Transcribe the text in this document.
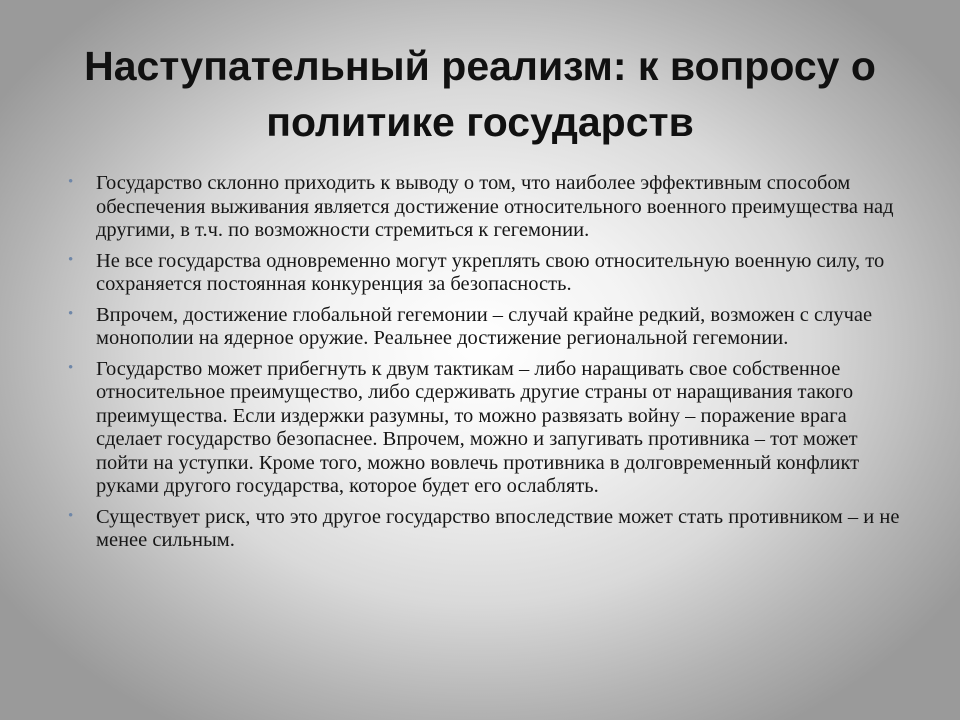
Наступательный реализм: к вопросу о политике государств
• Государство склонно приходить к выводу о том, что наиболее эффективным способом обеспечения выживания является достижение относительного военного преимущества над другими, в т.ч. по возможности стремиться к гегемонии.
• Не все государства одновременно могут укреплять свою относительную военную силу, то сохраняется постоянная конкуренция за безопасность.
• Впрочем, достижение глобальной гегемонии – случай крайне редкий, возможен с случае монополии на ядерное оружие. Реальнее достижение региональной гегемонии.
• Государство может прибегнуть к двум тактикам – либо наращивать свое собственное относительное преимущество, либо сдерживать другие страны от наращивания такого преимущества. Если издержки разумны, то можно развязать войну – поражение врага сделает государство безопаснее. Впрочем, можно и запугивать противника – тот может пойти на уступки. Кроме того, можно вовлечь противника в долговременный конфликт руками другого государства, которое будет его ослаблять.
• Существует риск, что это другое государство впоследствие может стать противником – и не менее сильным.
